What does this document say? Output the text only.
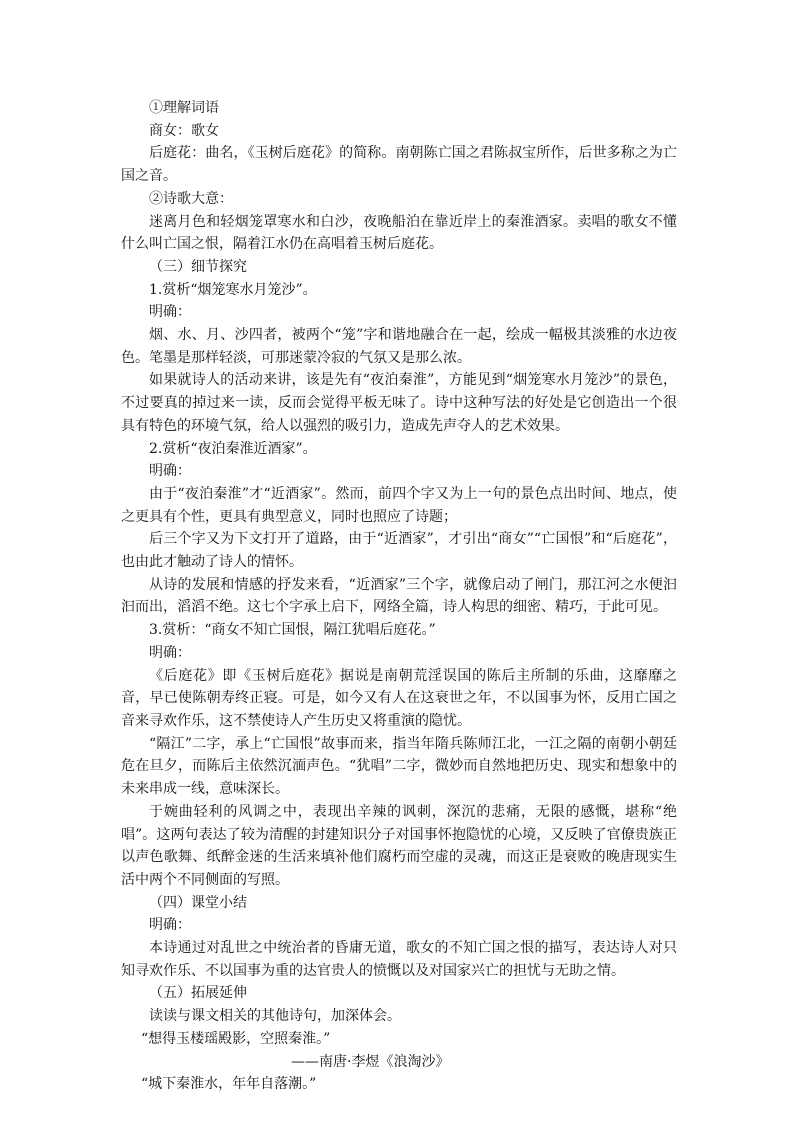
①理解词语

商女：歌女

后庭花：曲名，《玉树后庭花》的简称。南朝陈亡国之君陈叔宝所作，后世多称之为亡国之音。

②诗歌大意：

迷离月色和轻烟笼罩寒水和白沙，夜晚船泊在靠近岸上的秦淮酒家。卖唱的歌女不懂什么叫亡国之恨，隔着江水仍在高唱着玉树后庭花。

（三）细节探究

1.赏析“烟笼寒水月笼沙”。

明确：

烟、水、月、沙四者，被两个“笼”字和谐地融合在一起，绘成一幅极其淡雅的水边夜色。笔墨是那样轻淡，可那迷蒙冷寂的气氛又是那么浓。

如果就诗人的活动来讲，该是先有“夜泊秦淮”，方能见到“烟笼寒水月笼沙”的景色，不过要真的掉过来一读，反而会觉得平板无味了。诗中这种写法的好处是它创造出一个很具有特色的环境气氛，给人以强烈的吸引力，造成先声夺人的艺术效果。

2.赏析“夜泊秦淮近酒家”。

明确：

由于“夜泊秦淮”才“近酒家”。然而，前四个字又为上一句的景色点出时间、地点，使之更具有个性，更具有典型意义，同时也照应了诗题；

后三个字又为下文打开了道路，由于“近酒家”，才引出“商女”“亡国恨”和“后庭花”，也由此才触动了诗人的情怀。

从诗的发展和情感的抒发来看，“近酒家”三个字，就像启动了闸门，那江河之水便汩汩而出，滔滔不绝。这七个字承上启下，网络全篇，诗人构思的细密、精巧，于此可见。

3.赏析：“商女不知亡国恨，隔江犹唱后庭花。”

明确：

《后庭花》即《玉树后庭花》据说是南朝荒淫误国的陈后主所制的乐曲，这靡靡之音，早已使陈朝寿终正寝。可是，如今又有人在这衰世之年，不以国事为怀，反用亡国之音来寻欢作乐，这不禁使诗人产生历史又将重演的隐忧。

“隔江”二字，承上“亡国恨”故事而来，指当年隋兵陈师江北，一江之隔的南朝小朝廷危在旦夕，而陈后主依然沉湎声色。“犹唱”二字，微妙而自然地把历史、现实和想象中的未来串成一线，意味深长。

于婉曲轻利的风调之中，表现出辛辣的讽刺，深沉的悲痛，无限的感慨，堪称“绝唱”。这两句表达了较为清醒的封建知识分子对国事怀抱隐忧的心境，又反映了官僚贵族正以声色歌舞、纸醉金迷的生活来填补他们腐朽而空虚的灵魂，而这正是衰败的晚唐现实生活中两个不同侧面的写照。

（四）课堂小结

明确：

本诗通过对乱世之中统治者的昏庸无道，歌女的不知亡国之恨的描写，表达诗人对只知寻欢作乐、不以国事为重的达官贵人的愤慨以及对国家兴亡的担忧与无助之情。

（五）拓展延伸

读读与课文相关的其他诗句，加深体会。

“想得玉楼瑶殿影，空照秦淮。”

——南唐·李煜《浪淘沙》

“城下秦淮水，年年自落潮。”
